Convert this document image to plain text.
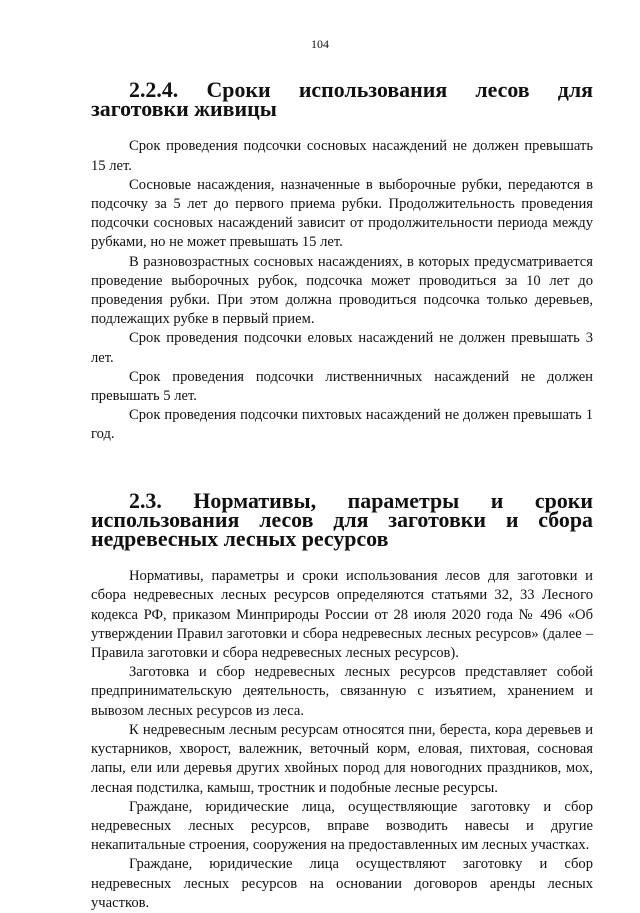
104
2.2.4. Сроки использования лесов для заготовки живицы

Срок проведения подсочки сосновых насаждений не должен превышать 15 лет.

Сосновые насаждения, назначенные в выборочные рубки, передаются в подсочку за 5 лет до первого приема рубки. Продолжительность проведения подсочки сосновых насаждений зависит от продолжительности периода между рубками, но не может превышать 15 лет.

В разновозрастных сосновых насаждениях, в которых предусматривается проведение выборочных рубок, подсочка может проводиться за 10 лет до проведения рубки. При этом должна проводиться подсочка только деревьев, подлежащих рубке в первый прием.

Срок проведения подсочки еловых насаждений не должен превышать 3 лет.

Срок проведения подсочки лиственничных насаждений не должен превышать 5 лет.

Срок проведения подсочки пихтовых насаждений не должен превышать 1 год.

2.3. Нормативы, параметры и сроки использования лесов для заготовки и сбора недревесных лесных ресурсов

Нормативы, параметры и сроки использования лесов для заготовки и сбора недревесных лесных ресурсов определяются статьями 32, 33 Лесного кодекса РФ, приказом Минприроды России от 28 июля 2020 года № 496 «Об утверждении Правил заготовки и сбора недревесных лесных ресурсов» (далее – Правила заготовки и сбора недревесных лесных ресурсов).

Заготовка и сбор недревесных лесных ресурсов представляет собой предпринимательскую деятельность, связанную с изъятием, хранением и вывозом лесных ресурсов из леса.

К недревесным лесным ресурсам относятся пни, береста, кора деревьев и кустарников, хворост, валежник, веточный корм, еловая, пихтовая, сосновая лапы, ели или деревья других хвойных пород для новогодних праздников, мох, лесная подстилка, камыш, тростник и подобные лесные ресурсы.

Граждане, юридические лица, осуществляющие заготовку и сбор недревесных лесных ресурсов, вправе возводить навесы и другие некапитальные строения, сооружения на предоставленных им лесных участках.

Граждане, юридические лица осуществляют заготовку и сбор недревесных лесных ресурсов на основании договоров аренды лесных участков.
